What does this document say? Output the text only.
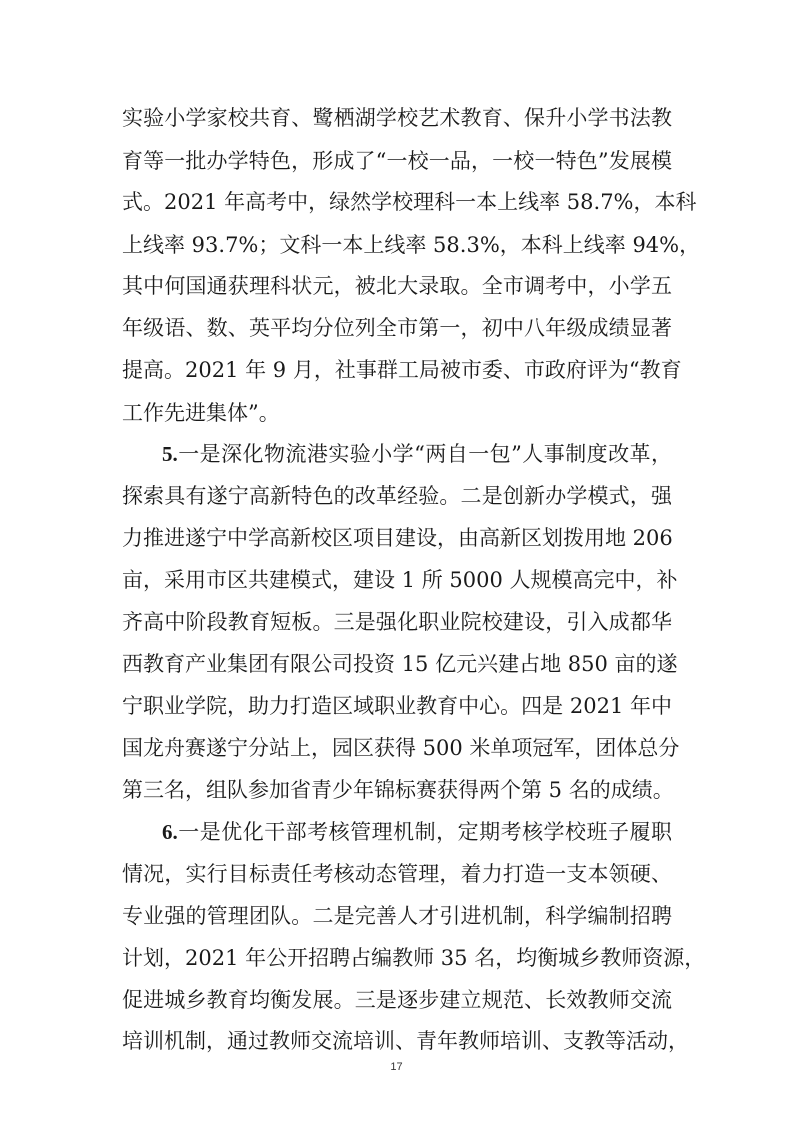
实验小学家校共育、鹭栖湖学校艺术教育、保升小学书法教
育等一批办学特色，形成了“一校一品，一校一特色”发展模
式。2021 年高考中，绿然学校理科一本上线率 58.7%，本科
上线率 93.7%；文科一本上线率 58.3%，本科上线率 94%，
其中何国通获理科状元，被北大录取。全市调考中，小学五
年级语、数、英平均分位列全市第一，初中八年级成绩显著
提高。2021 年 9 月，社事群工局被市委、市政府评为“教育
工作先进集体”。
5.一是深化物流港实验小学“两自一包”人事制度改革，
探索具有遂宁高新特色的改革经验。二是创新办学模式，强
力推进遂宁中学高新校区项目建设，由高新区划拨用地 206
亩，采用市区共建模式，建设 1 所 5000 人规模高完中，补
齐高中阶段教育短板。三是强化职业院校建设，引入成都华
西教育产业集团有限公司投资 15 亿元兴建占地 850 亩的遂
宁职业学院，助力打造区域职业教育中心。四是 2021 年中
国龙舟赛遂宁分站上，园区获得 500 米单项冠军，团体总分
第三名，组队参加省青少年锦标赛获得两个第 5 名的成绩。
6.一是优化干部考核管理机制，定期考核学校班子履职
情况，实行目标责任考核动态管理，着力打造一支本领硬、
专业强的管理团队。二是完善人才引进机制，科学编制招聘
计划，2021 年公开招聘占编教师 35 名，均衡城乡教师资源，
促进城乡教育均衡发展。三是逐步建立规范、长效教师交流
培训机制，通过教师交流培训、青年教师培训、支教等活动，
17
